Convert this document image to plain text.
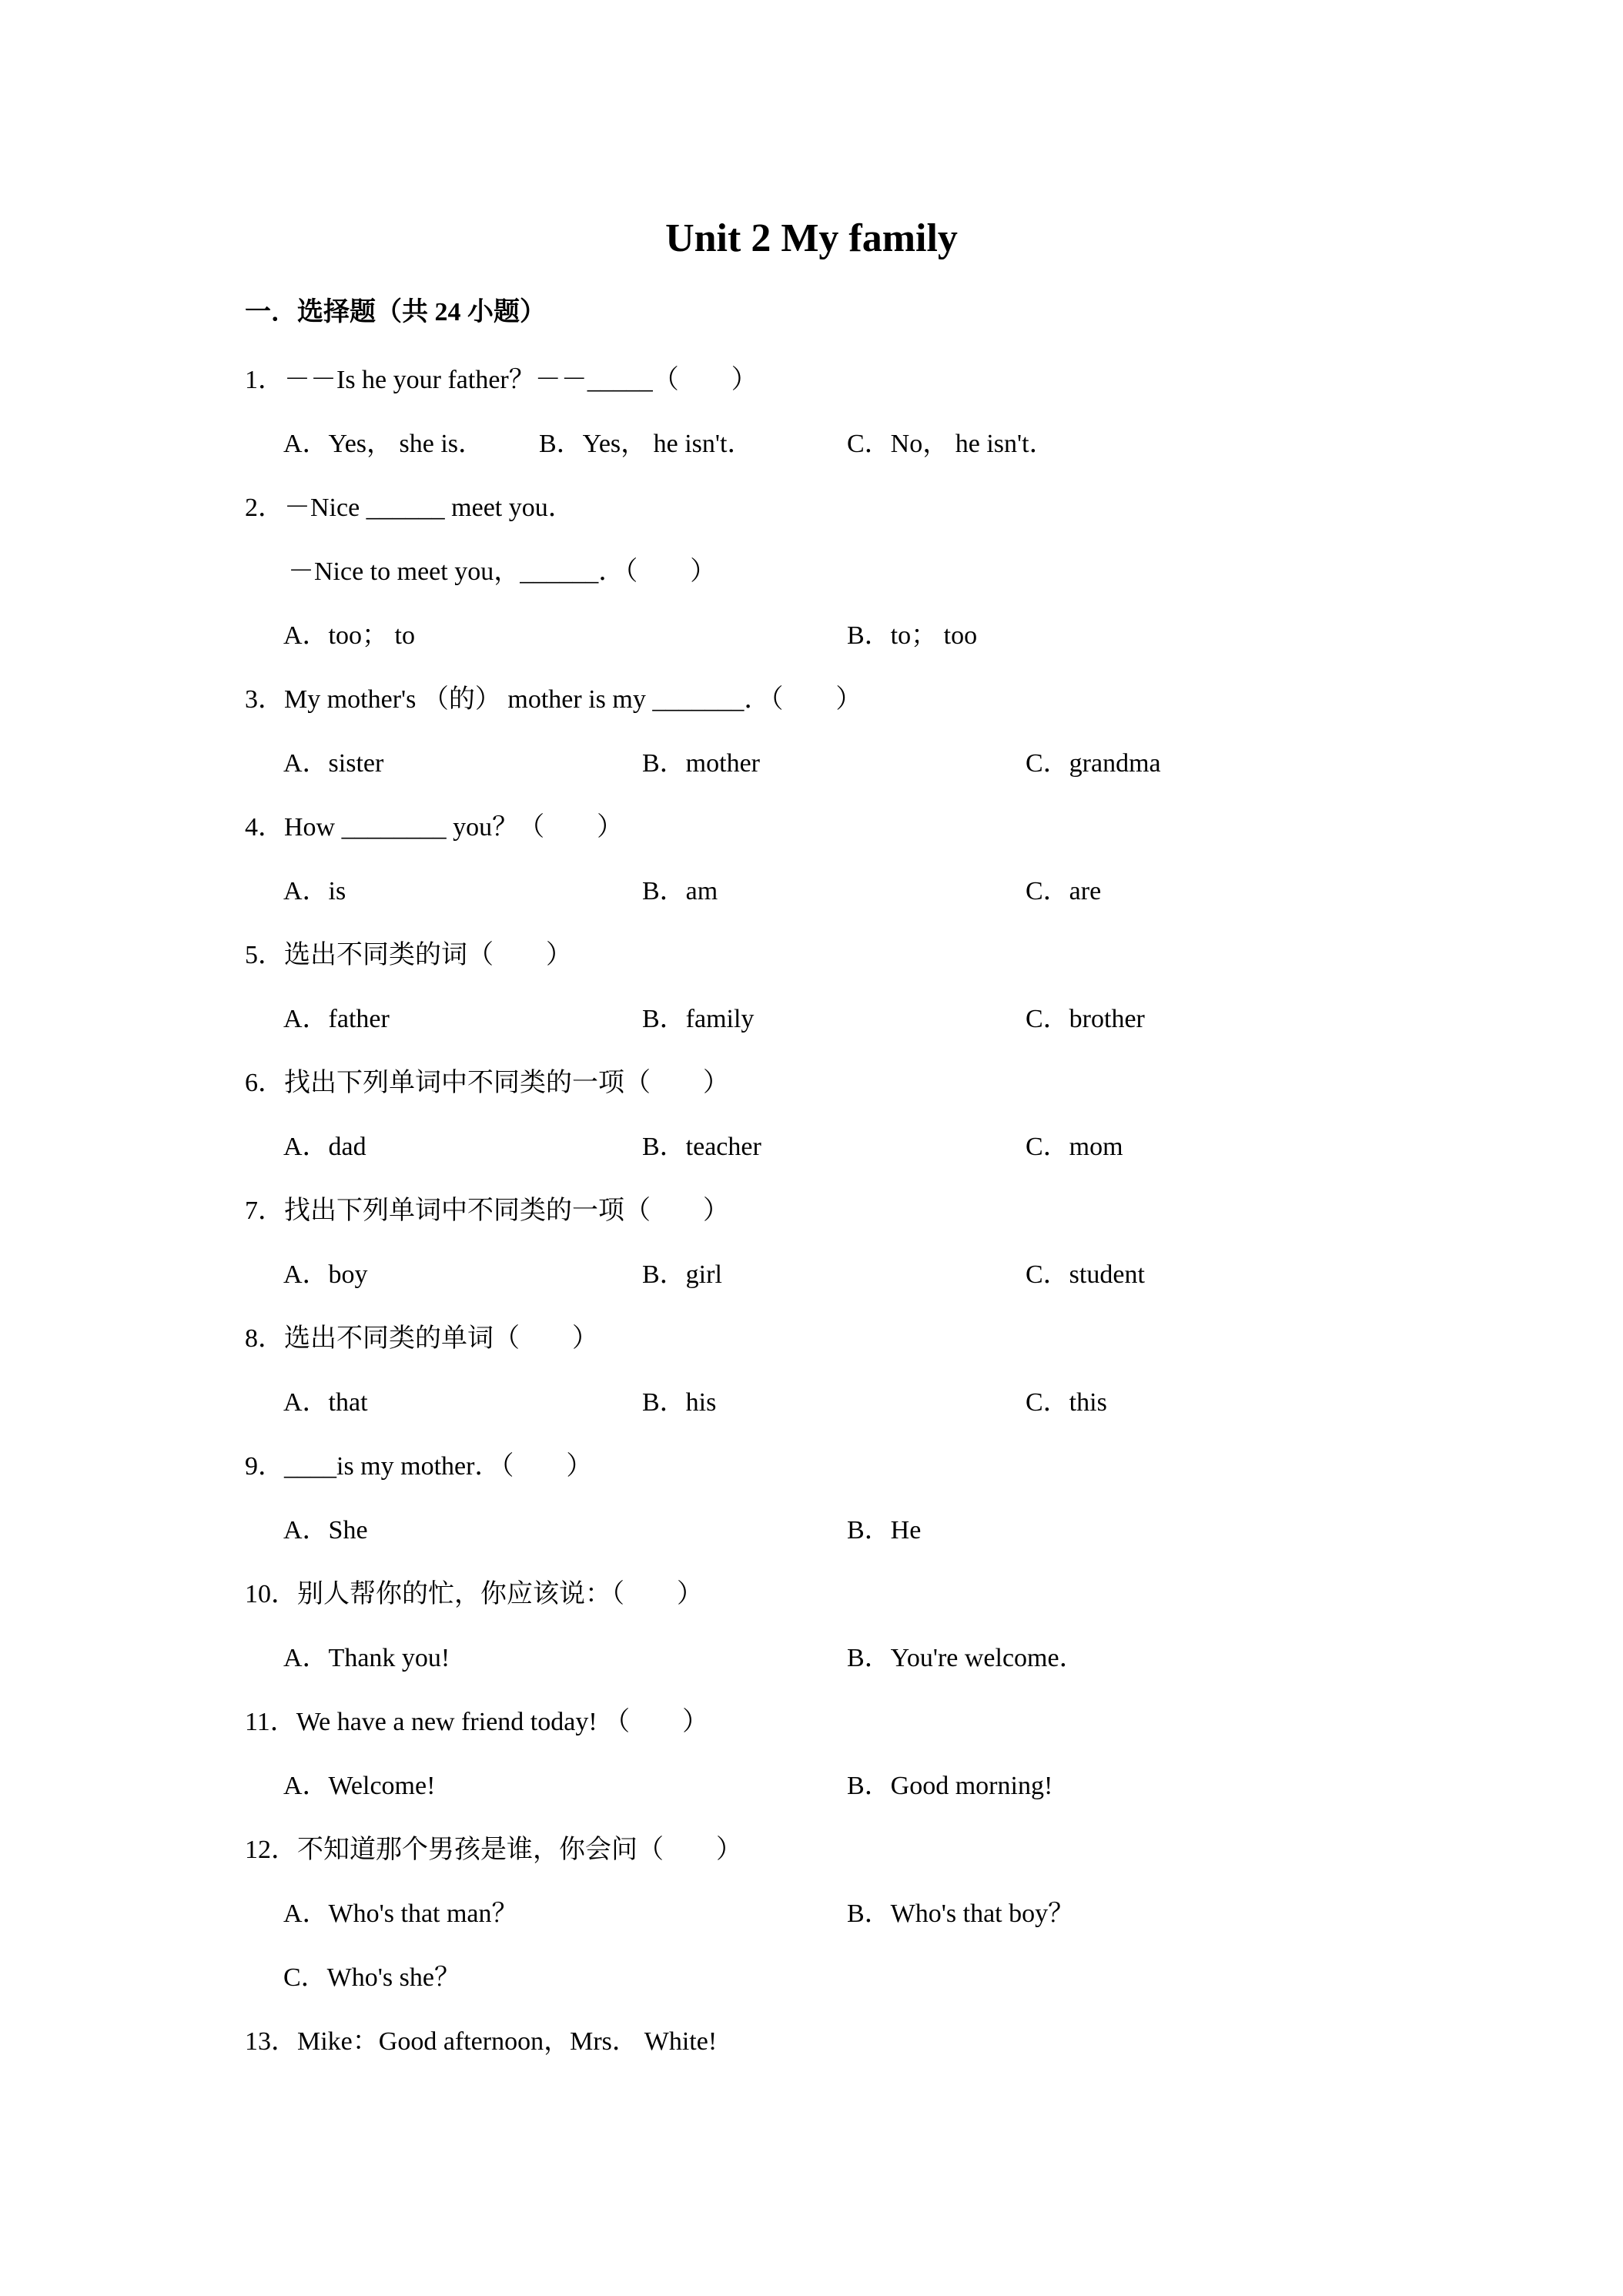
Unit 2 My family
一．选择题（共 24 小题）
1．－－Is he your father？－－_____（　　）
A．Yes， she is． B．Yes， he isn't．	C．No， he isn't．
2．－Nice ______ meet you．
　－Nice to meet you，______．（　　）
A．too； to	B．to； too
3．My mother's （的） mother is my _______．（　　）
A．sister	B．mother	C．grandma
4．How ________ you？（　　）
A．is	B．am	C．are
5．选出不同类的词（　　）
A．father	B．family	C．brother
6．找出下列单词中不同类的一项（　　）
A．dad	B．teacher	C．mom
7．找出下列单词中不同类的一项（　　）
A．boy	B．girl	C．student
8．选出不同类的单词（　　）
A．that	B．his	C．this
9．____is my mother．（　　）
A．She	B．He
10．别人帮你的忙，你应该说：（　　）
A．Thank you!	B．You're welcome．
11．We have a new friend today! （　　）
A．Welcome!	B．Good morning!
12．不知道那个男孩是谁，你会问（　　）
A．Who's that man？	B．Who's that boy？
C．Who's she？
13．Mike：Good afternoon，Mrs． White!
